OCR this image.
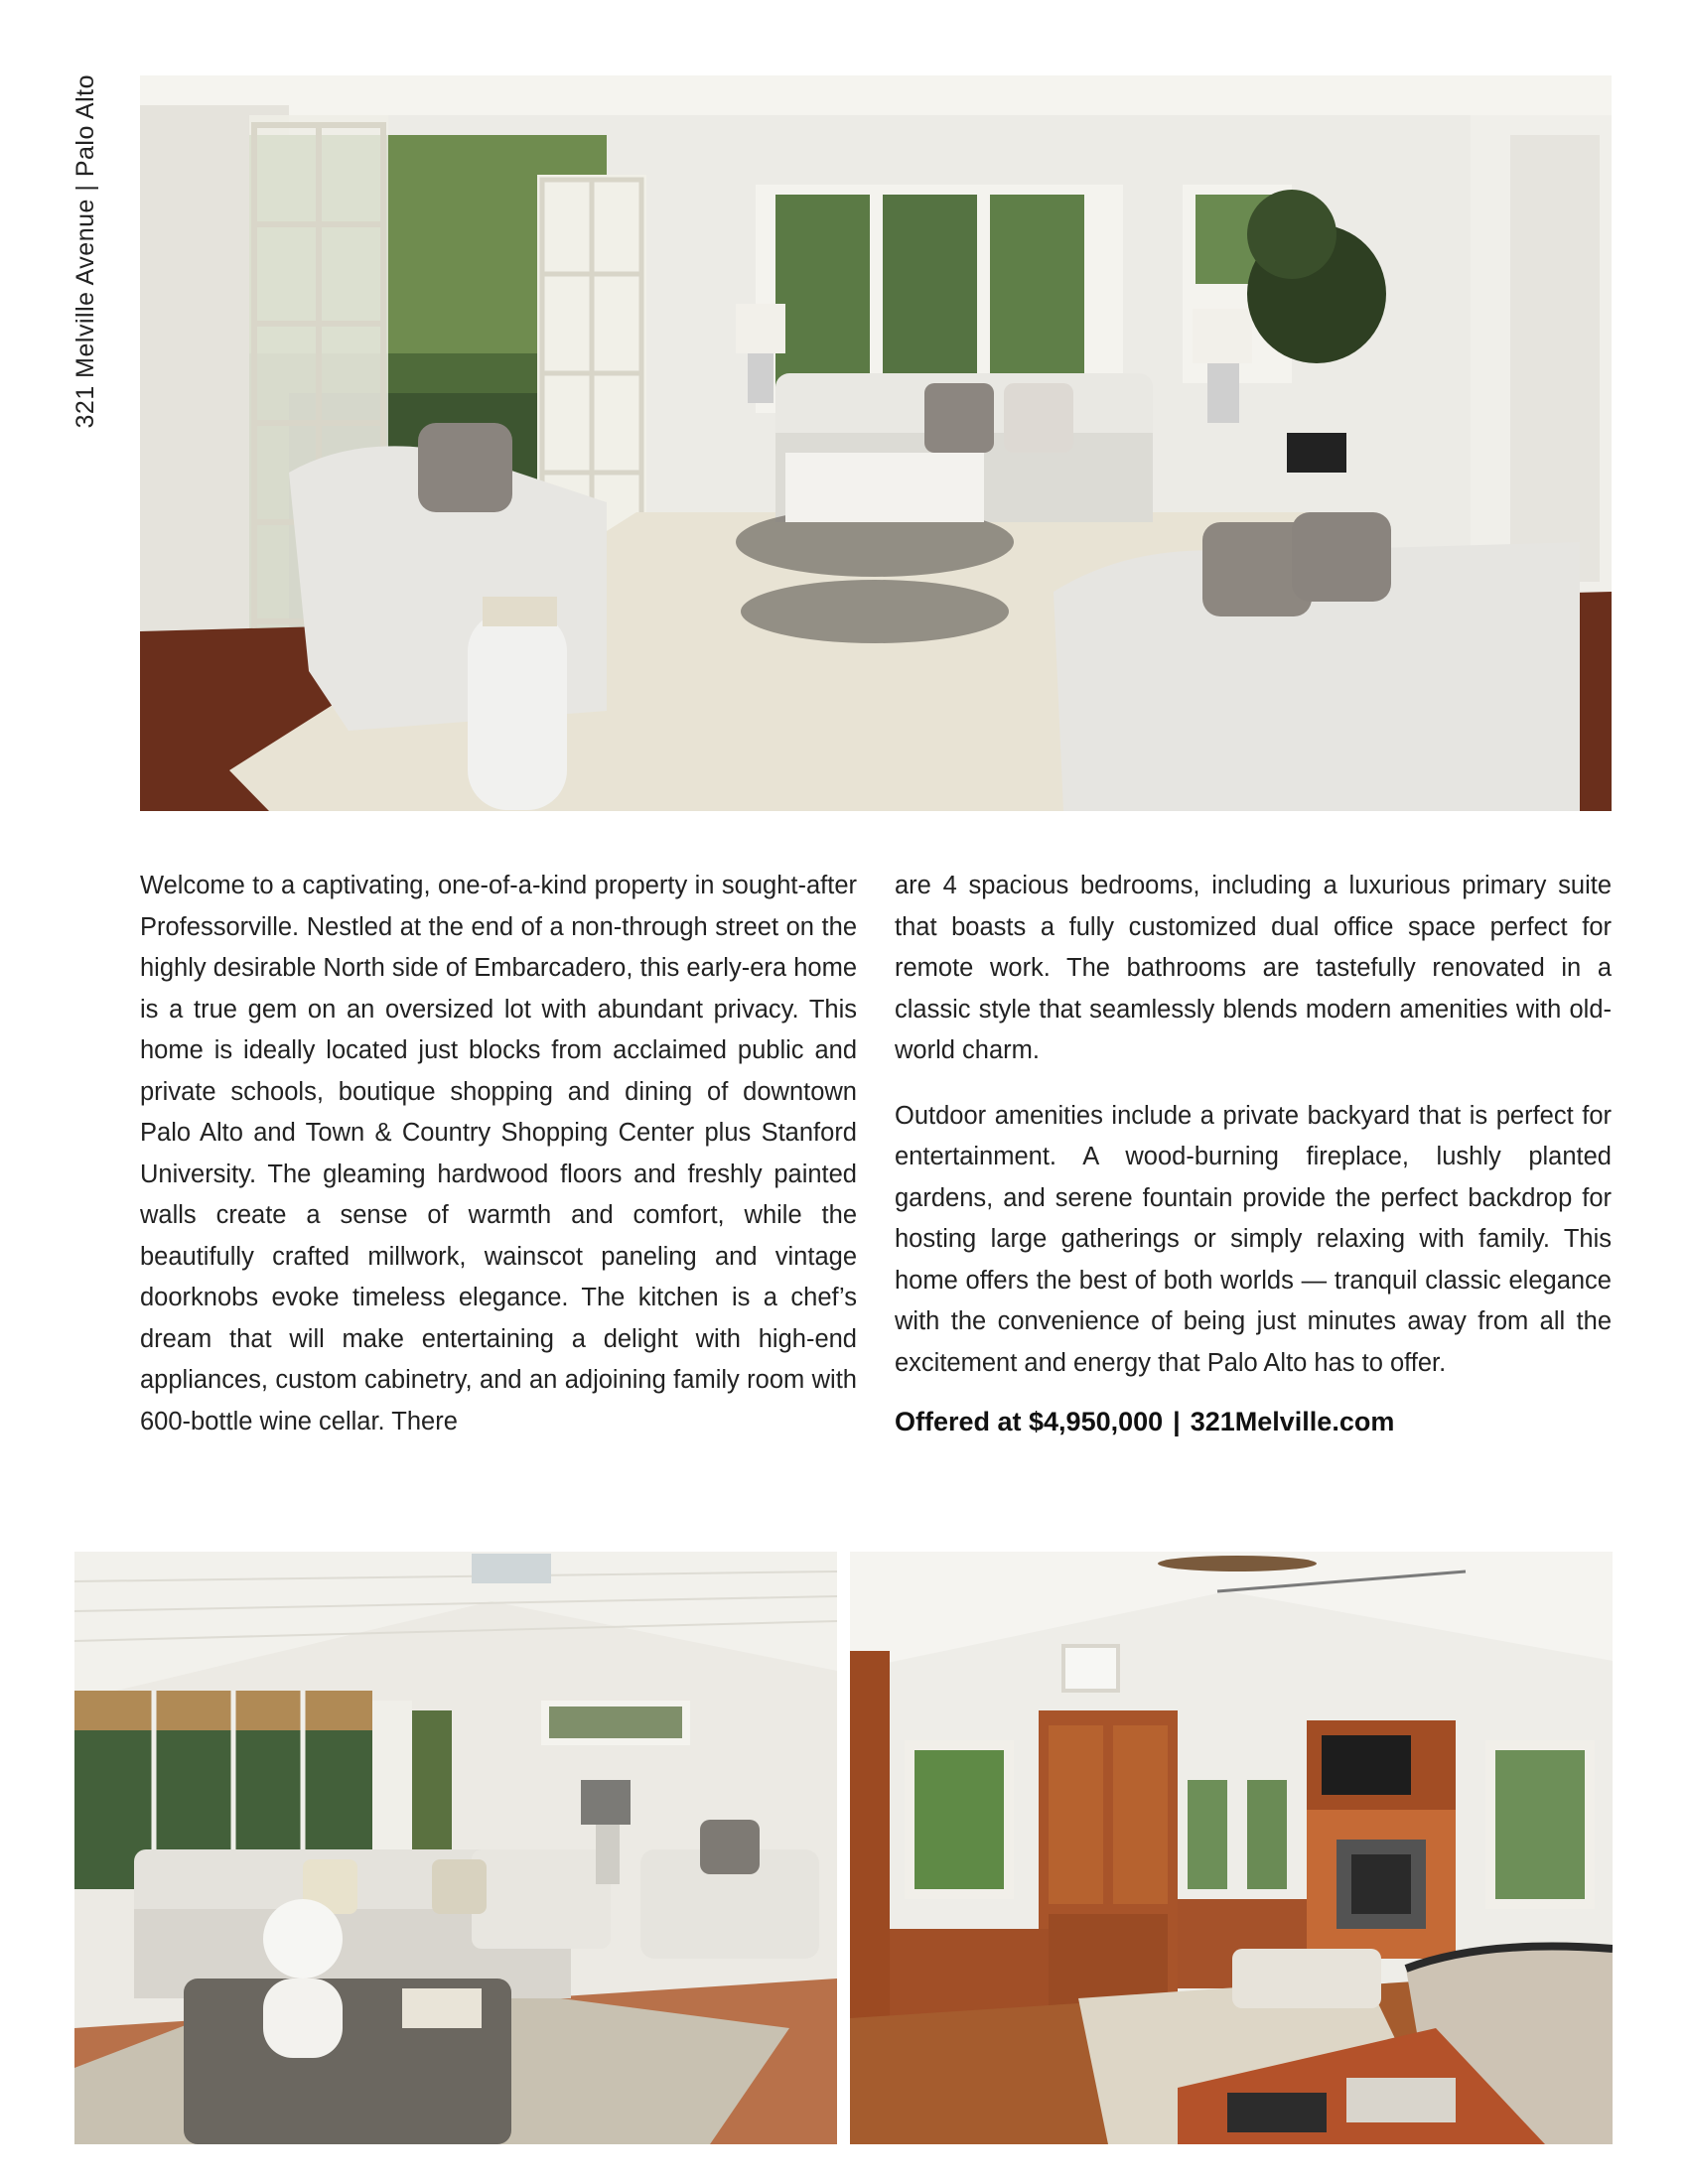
321 Melville Avenue | Palo Alto

Welcome to a captivating, one-of-a-kind property in sought-after Professorville. Nestled at the end of a non-through street on the highly desirable North side of Embarcadero, this early-era home is a true gem on an oversized lot with abundant privacy. This home is ideally located just blocks from acclaimed public and private schools, boutique shopping and dining of downtown Palo Alto and Town & Country Shopping Center plus Stanford University. The gleaming hardwood floors and freshly painted walls create a sense of warmth and comfort, while the beautifully crafted millwork, wainscot paneling and vintage doorknobs evoke timeless elegance. The kitchen is a chef’s dream that will make entertaining a delight with high-end appliances, custom cabinetry, and an adjoining family room with 600-bottle wine cellar. There

are 4 spacious bedrooms, including a luxurious primary suite that boasts a fully customized dual office space perfect for remote work. The bathrooms are tastefully renovated in a classic style that seamlessly blends modern amenities with old-world charm.

Outdoor amenities include a private backyard that is perfect for entertainment. A wood-burning fireplace, lushly planted gardens, and serene fountain provide the perfect backdrop for hosting large gatherings or simply relaxing with family. This home offers the best of both worlds — tranquil classic elegance with the convenience of being just minutes away from all the excitement and energy that Palo Alto has to offer.

Offered at $4,950,000 | 321Melville.com
